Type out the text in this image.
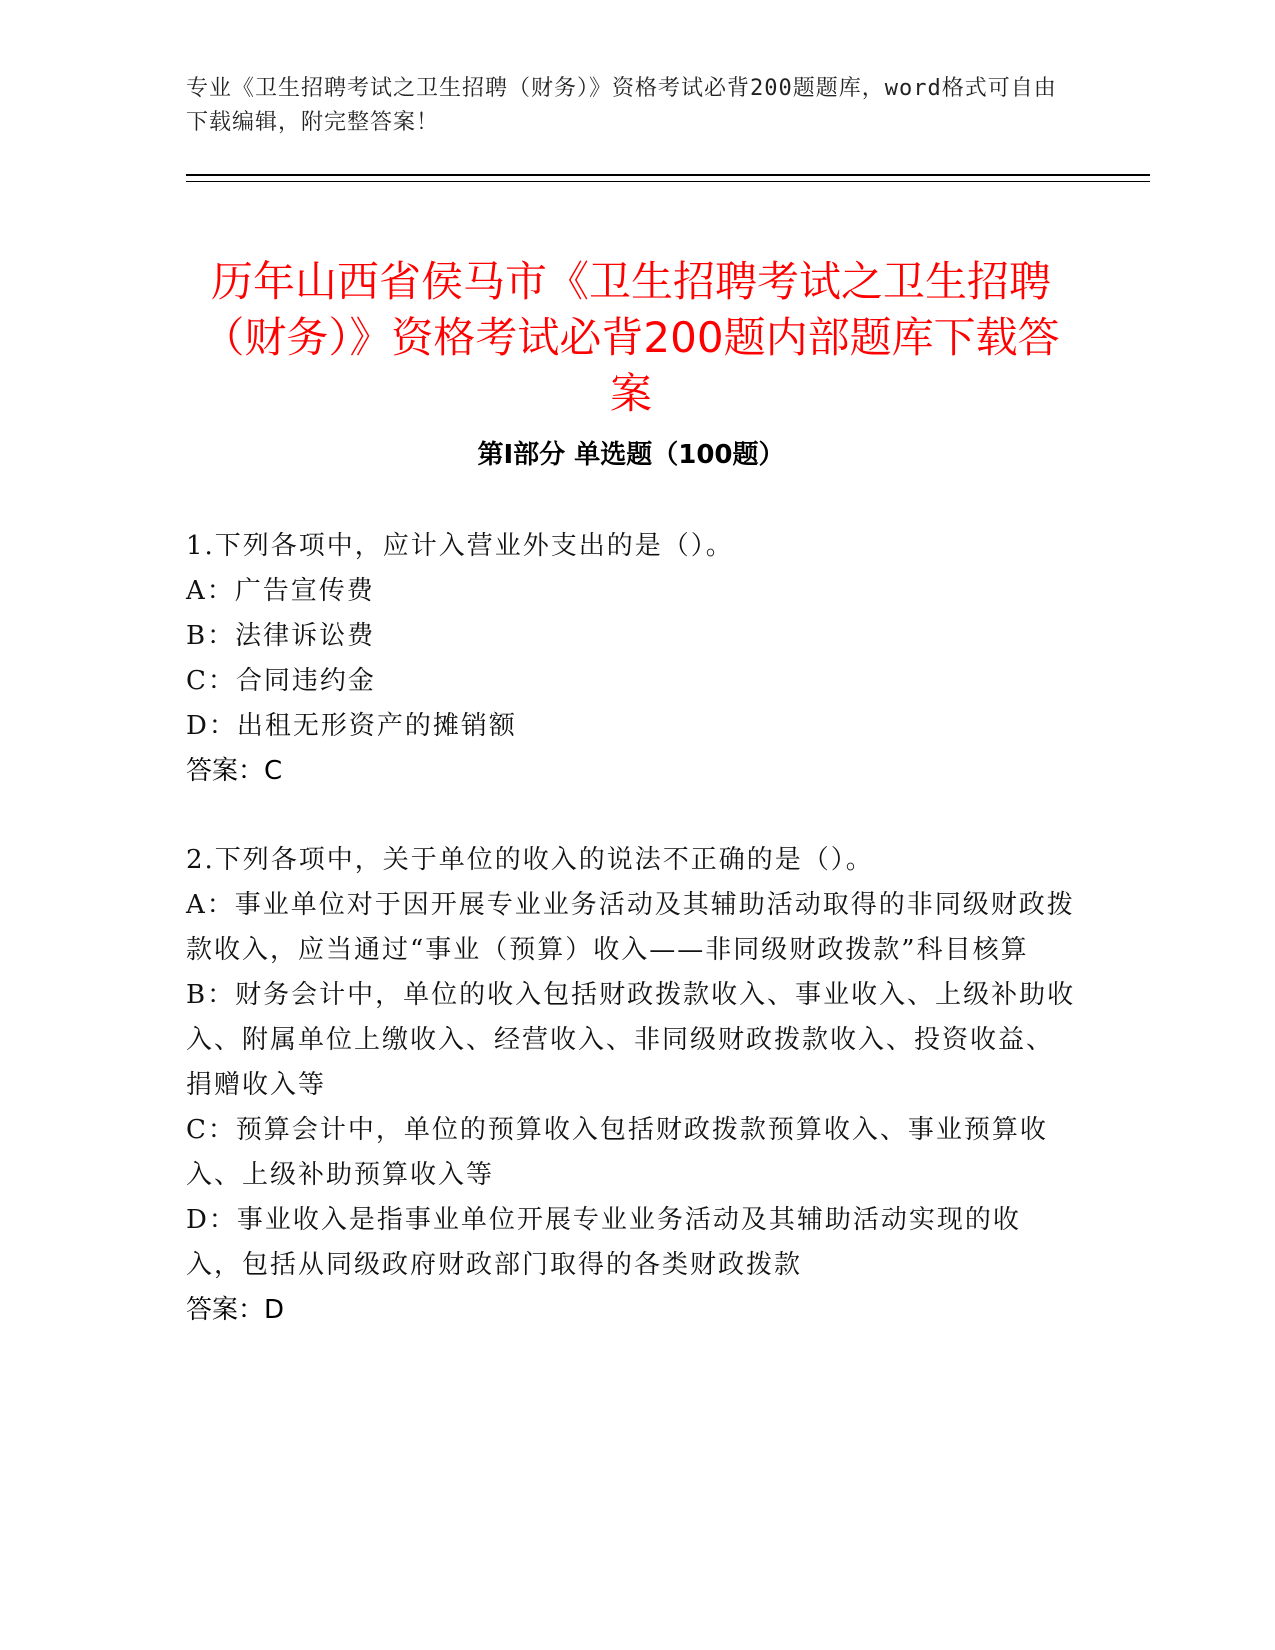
专业《卫生招聘考试之卫生招聘（财务）》资格考试必背200题题库，word格式可自由下载编辑，附完整答案！
历年山西省侯马市《卫生招聘考试之卫生招聘（财务）》资格考试必背200题内部题库下载答案
第Ⅰ部分 单选题（100题）
1.下列各项中，应计入营业外支出的是（）。
A：广告宣传费
B：法律诉讼费
C：合同违约金
D：出租无形资产的摊销额
答案：C
2.下列各项中，关于单位的收入的说法不正确的是（）。
A：事业单位对于因开展专业业务活动及其辅助活动取得的非同级财政拨款收入，应当通过“事业（预算）收入——非同级财政拨款”科目核算
B：财务会计中，单位的收入包括财政拨款收入、事业收入、上级补助收入、附属单位上缴收入、经营收入、非同级财政拨款收入、投资收益、捐赠收入等
C：预算会计中，单位的预算收入包括财政拨款预算收入、事业预算收入、上级补助预算收入等
D：事业收入是指事业单位开展专业业务活动及其辅助活动实现的收入，包括从同级政府财政部门取得的各类财政拨款
答案：D
